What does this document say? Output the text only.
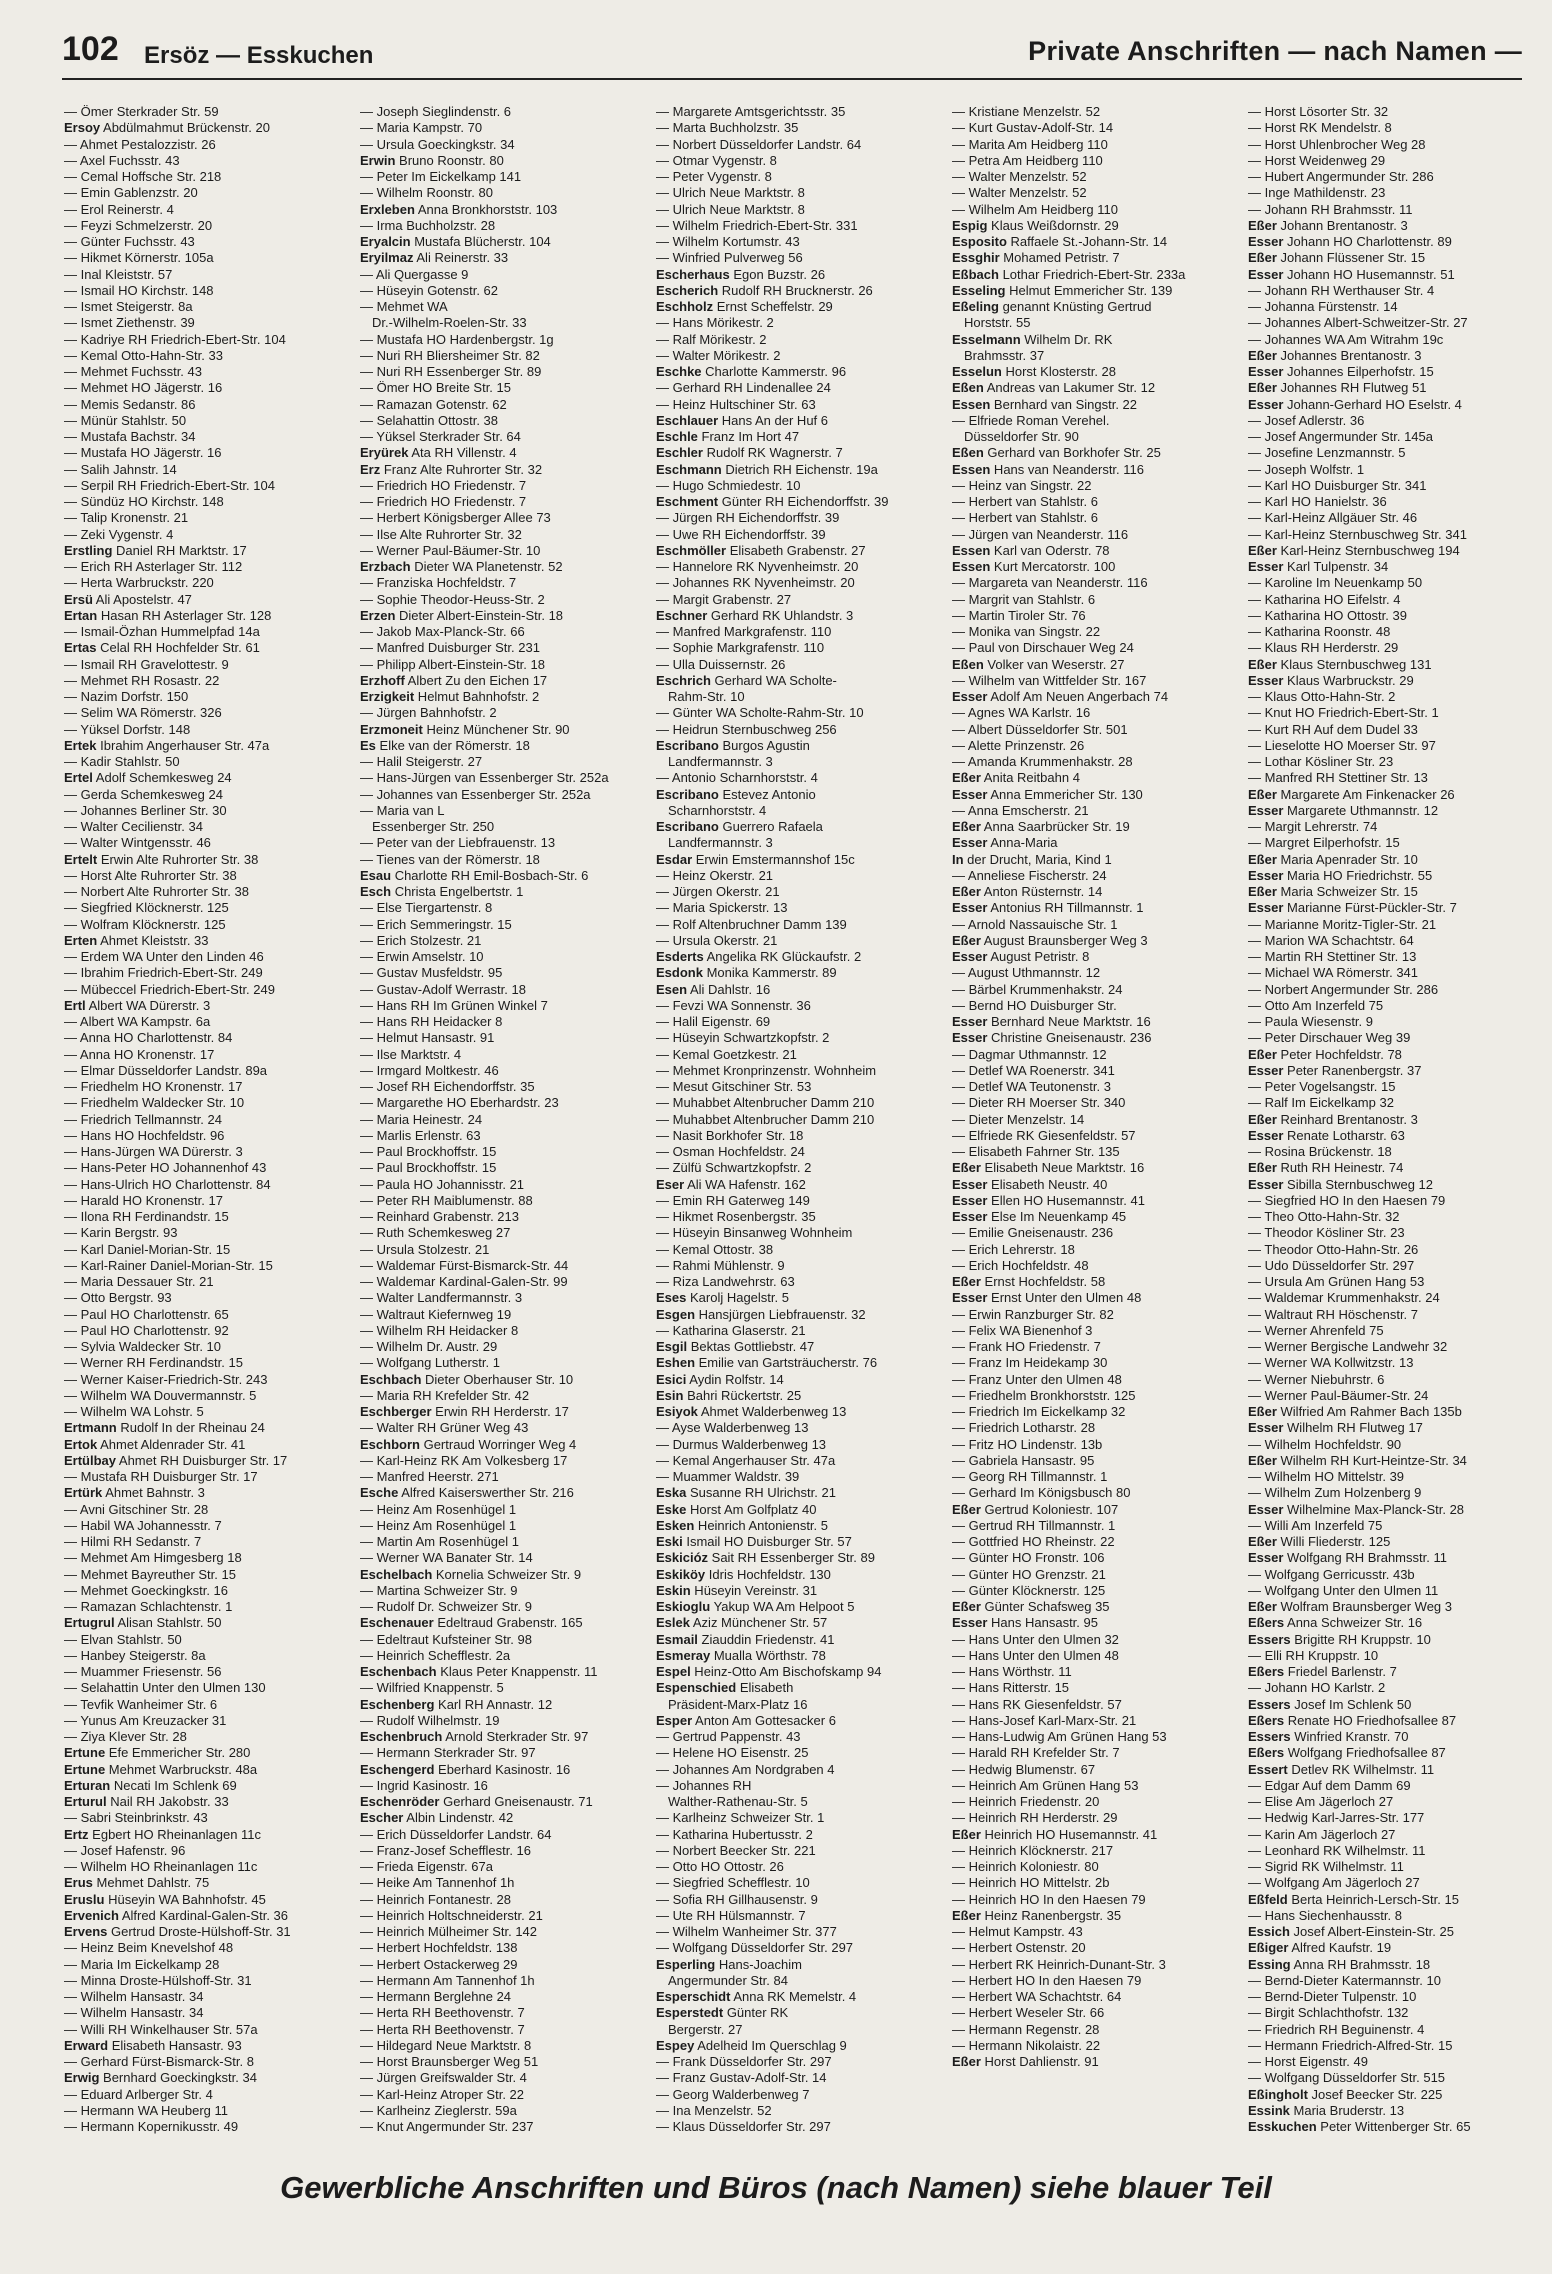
102 Ersöz — Esskuchen	Private Anschriften — nach Namen —
— Ömer Sterkrader Str. 59
Ersoy Abdülmahmut Brückenstr. 20
— Ahmet Pestalozzistr. 26
— Axel Fuchsstr. 43
— Cemal Hoffsche Str. 218
— Emin Gablenzstr. 20
— Erol Reinerstr. 4
— Feyzi Schmelzerstr. 20
— Günter Fuchsstr. 43
— Hikmet Körnerstr. 105a
— Inal Kleiststr. 57
— Ismail HO Kirchstr. 148
— Ismet Steigerstr. 8a
— Ismet Ziethenstr. 39
— Kadriye RH Friedrich-Ebert-Str. 104
— Kemal Otto-Hahn-Str. 33
— Mehmet Fuchsstr. 43
— Mehmet HO Jägerstr. 16
— Memis Sedanstr. 86
— Münür Stahlstr. 50
— Mustafa Bachstr. 34
— Mustafa HO Jägerstr. 16
— Salih Jahnstr. 14
— Serpil RH Friedrich-Ebert-Str. 104
— Sündüz HO Kirchstr. 148
— Talip Kronenstr. 21
— Zeki Vygenstr. 4
Erstling Daniel RH Marktstr. 17
— Erich RH Asterlager Str. 112
— Herta Warbruckstr. 220
Ersü Ali Apostelstr. 47
Ertan Hasan RH Asterlager Str. 128
— Ismail-Özhan Hummelpfad 14a
Ertas Celal RH Hochfelder Str. 61
— Ismail RH Gravelottestr. 9
— Mehmet RH Rosastr. 22
— Nazim Dorfstr. 150
— Selim WA Römerstr. 326
— Yüksel Dorfstr. 148
Ertek Ibrahim Angerhauser Str. 47a
— Kadir Stahlstr. 50
Ertel Adolf Schemkesweg 24
— Gerda Schemkesweg 24
— Johannes Berliner Str. 30
— Walter Cecilienstr. 34
— Walter Wintgensstr. 46
Ertelt Erwin Alte Ruhrorter Str. 38
— Horst Alte Ruhrorter Str. 38
— Norbert Alte Ruhrorter Str. 38
— Siegfried Klöcknerstr. 125
— Wolfram Klöcknerstr. 125
Erten Ahmet Kleiststr. 33
— Erdem WA Unter den Linden 46
— Ibrahim Friedrich-Ebert-Str. 249
— Mübeccel Friedrich-Ebert-Str. 249
Ertl Albert WA Dürerstr. 3
— Albert WA Kampstr. 6a
— Anna HO Charlottenstr. 84
— Anna HO Kronenstr. 17
— Elmar Düsseldorfer Landstr. 89a
— Friedhelm HO Kronenstr. 17
— Friedhelm Waldecker Str. 10
— Friedrich Tellmannstr. 24
— Hans HO Hochfeldstr. 96
— Hans-Jürgen WA Dürerstr. 3
— Hans-Peter HO Johannenhof 43
— Hans-Ulrich HO Charlottenstr. 84
— Harald HO Kronenstr. 17
— Ilona RH Ferdinandstr. 15
— Karin Bergstr. 93
— Karl Daniel-Morian-Str. 15
— Karl-Rainer Daniel-Morian-Str. 15
— Maria Dessauer Str. 21
— Otto Bergstr. 93
— Paul HO Charlottenstr. 65
— Paul HO Charlottenstr. 92
— Sylvia Waldecker Str. 10
— Werner RH Ferdinandstr. 15
— Werner Kaiser-Friedrich-Str. 243
— Wilhelm WA Douvermannstr. 5
— Wilhelm WA Lohstr. 5
Ertmann Rudolf In der Rheinau 24
Ertok Ahmet Aldenrader Str. 41
Ertülbay Ahmet RH Duisburger Str. 17
— Mustafa RH Duisburger Str. 17
Ertürk Ahmet Bahnstr. 3
— Avni Gitschiner Str. 28
— Habil WA Johannesstr. 7
— Hilmi RH Sedanstr. 7
— Mehmet Am Himgesberg 18
— Mehmet Bayreuther Str. 15
— Mehmet Goeckingkstr. 16
— Ramazan Schlachtenstr. 1
Ertugrul Alisan Stahlstr. 50
— Elvan Stahlstr. 50
— Hanbey Steigerstr. 8a
— Muammer Friesenstr. 56
— Selahattin Unter den Ulmen 130
— Tevfik Wanheimer Str. 6
— Yunus Am Kreuzacker 31
— Ziya Klever Str. 28
Ertune Efe Emmericher Str. 280
Ertune Mehmet Warbruckstr. 48a
Erturan Necati Im Schlenk 69
Erturul Nail RH Jakobstr. 33
— Sabri Steinbrinkstr. 43
Ertz Egbert HO Rheinanlagen 11c
— Josef Hafenstr. 96
— Wilhelm HO Rheinanlagen 11c
Erus Mehmet Dahlstr. 75
Eruslu Hüseyin WA Bahnhofstr. 45
Ervenich Alfred Kardinal-Galen-Str. 36
Ervens Gertrud Droste-Hülshoff-Str. 31
— Heinz Beim Knevelshof 48
— Maria Im Eickelkamp 28
— Minna Droste-Hülshoff-Str. 31
— Wilhelm Hansastr. 34
— Wilhelm Hansastr. 34
— Willi RH Winkelhauser Str. 57a
Erward Elisabeth Hansastr. 93
— Gerhard Fürst-Bismarck-Str. 8
Erwig Bernhard Goeckingkstr. 34
— Eduard Arlberger Str. 4
— Hermann WA Heuberg 11
— Hermann Kopernikusstr. 49
— Joseph Sieglindenstr. 6
— Maria Kampstr. 70
— Ursula Goeckingkstr. 34
Erwin Bruno Roonstr. 80
— Peter Im Eickelkamp 141
— Wilhelm Roonstr. 80
Erxleben Anna Bronkhorststr. 103
— Irma Buchholzstr. 28
Eryalcin Mustafa Blücherstr. 104
Eryilmaz Ali Reinerstr. 33
— Ali Quergasse 9
— Hüseyin Gotenstr. 62
— Mehmet WA
Dr.-Wilhelm-Roelen-Str. 33
— Mustafa HO Hardenbergstr. 1g
— Nuri RH Bliersheimer Str. 82
— Nuri RH Essenberger Str. 89
— Ömer HO Breite Str. 15
— Ramazan Gotenstr. 62
— Selahattin Ottostr. 38
— Yüksel Sterkrader Str. 64
Eryürek Ata RH Villenstr. 4
Erz Franz Alte Ruhrorter Str. 32
— Friedrich HO Friedenstr. 7
— Friedrich HO Friedenstr. 7
— Herbert Königsberger Allee 73
— Ilse Alte Ruhrorter Str. 32
— Werner Paul-Bäumer-Str. 10
Erzbach Dieter WA Planetenstr. 52
— Franziska Hochfeldstr. 7
— Sophie Theodor-Heuss-Str. 2
Erzen Dieter Albert-Einstein-Str. 18
— Jakob Max-Planck-Str. 66
— Manfred Duisburger Str. 231
— Philipp Albert-Einstein-Str. 18
Erzhoff Albert Zu den Eichen 17
Erzigkeit Helmut Bahnhofstr. 2
— Jürgen Bahnhofstr. 2
Erzmoneit Heinz Münchener Str. 90
Es Elke van der Römerstr. 18
— Halil Steigerstr. 27
— Hans-Jürgen van Essenberger Str. 252a
— Johannes van Essenberger Str. 252a
— Maria van L
Essenberger Str. 250
— Peter van der Liebfrauenstr. 13
— Tienes van der Römerstr. 18
Esau Charlotte RH Emil-Bosbach-Str. 6
Esch Christa Engelbertstr. 1
— Else Tiergartenstr. 8
— Erich Semmeringstr. 15
— Erich Stolzestr. 21
— Erwin Amselstr. 10
— Gustav Musfeldstr. 95
— Gustav-Adolf Werrastr. 18
— Hans RH Im Grünen Winkel 7
— Hans RH Heidacker 8
— Helmut Hansastr. 91
— Ilse Marktstr. 4
— Irmgard Moltkestr. 46
— Josef RH Eichendorffstr. 35
— Margarethe HO Eberhardstr. 23
— Maria Heinestr. 24
— Marlis Erlenstr. 63
— Paul Brockhoffstr. 15
— Paul Brockhoffstr. 15
— Paula HO Johannisstr. 21
— Peter RH Maiblumenstr. 88
— Reinhard Grabenstr. 213
— Ruth Schemkesweg 27
— Ursula Stolzestr. 21
— Waldemar Fürst-Bismarck-Str. 44
— Waldemar Kardinal-Galen-Str. 99
— Walter Landfermannstr. 3
— Waltraut Kiefernweg 19
— Wilhelm RH Heidacker 8
— Wilhelm Dr. Austr. 29
— Wolfgang Lutherstr. 1
Eschbach Dieter Oberhauser Str. 10
— Maria RH Krefelder Str. 42
Eschberger Erwin RH Herderstr. 17
— Walter RH Grüner Weg 43
Eschborn Gertraud Worringer Weg 4
— Karl-Heinz RK Am Volkesberg 17
— Manfred Heerstr. 271
Esche Alfred Kaiserswerther Str. 216
— Heinz Am Rosenhügel 1
— Heinz Am Rosenhügel 1
— Martin Am Rosenhügel 1
— Werner WA Banater Str. 14
Eschelbach Kornelia Schweizer Str. 9
— Martina Schweizer Str. 9
— Rudolf Dr. Schweizer Str. 9
Eschenauer Edeltraud Grabenstr. 165
— Edeltraut Kufsteiner Str. 98
— Heinrich Schefflestr. 2a
Eschenbach Klaus Peter Knappenstr. 11
— Wilfried Knappenstr. 5
Eschenberg Karl RH Annastr. 12
— Rudolf Wilhelmstr. 19
Eschenbruch Arnold Sterkrader Str. 97
— Hermann Sterkrader Str. 97
Eschengerd Eberhard Kasinostr. 16
— Ingrid Kasinostr. 16
Eschenröder Gerhard Gneisenaustr. 71
Escher Albin Lindenstr. 42
— Erich Düsseldorfer Landstr. 64
— Franz-Josef Schefflestr. 16
— Frieda Eigenstr. 67a
— Heike Am Tannenhof 1h
— Heinrich Fontanestr. 28
— Heinrich Holtschneiderstr. 21
— Heinrich Mülheimer Str. 142
— Herbert Hochfeldstr. 138
— Herbert Ostackerweg 29
— Hermann Am Tannenhof 1h
— Hermann Berglehne 24
— Herta RH Beethovenstr. 7
— Herta RH Beethovenstr. 7
— Hildegard Neue Marktstr. 8
— Horst Braunsberger Weg 51
— Jürgen Greifswalder Str. 4
— Karl-Heinz Atroper Str. 22
— Karlheinz Zieglerstr. 59a
— Knut Angermunder Str. 237
— Margarete Amtsgerichtsstr. 35
— Marta Buchholzstr. 35
— Norbert Düsseldorfer Landstr. 64
— Otmar Vygenstr. 8
— Peter Vygenstr. 8
— Ulrich Neue Marktstr. 8
— Ulrich Neue Marktstr. 8
— Wilhelm Friedrich-Ebert-Str. 331
— Wilhelm Kortumstr. 43
— Winfried Pulverweg 56
Escherhaus Egon Buzstr. 26
Escherich Rudolf RH Brucknerstr. 26
Eschholz Ernst Scheffelstr. 29
— Hans Mörikestr. 2
— Ralf Mörikestr. 2
— Walter Mörikestr. 2
Eschke Charlotte Kammerstr. 96
— Gerhard RH Lindenallee 24
— Heinz Hultschiner Str. 63
Eschlauer Hans An der Huf 6
Eschle Franz Im Hort 47
Eschler Rudolf RK Wagnerstr. 7
Eschmann Dietrich RH Eichenstr. 19a
— Hugo Schmiedestr. 10
Eschment Günter RH Eichendorffstr. 39
— Jürgen RH Eichendorffstr. 39
— Uwe RH Eichendorffstr. 39
Eschmöller Elisabeth Grabenstr. 27
— Hannelore RK Nyvenheimstr. 20
— Johannes RK Nyvenheimstr. 20
— Margit Grabenstr. 27
Eschner Gerhard RK Uhlandstr. 3
— Manfred Markgrafenstr. 110
— Sophie Markgrafenstr. 110
— Ulla Duissernstr. 26
Eschrich Gerhard WA Scholte-
Rahm-Str. 10
— Günter WA Scholte-Rahm-Str. 10
— Heidrun Sternbuschweg 256
Escribano Burgos Agustin
Landfermannstr. 3
— Antonio Scharnhorststr. 4
Escribano Estevez Antonio
Scharnhorststr. 4
Escribano Guerrero Rafaela
Landfermannstr. 3
Esdar Erwin Emstermannshof 15c
— Heinz Okerstr. 21
— Jürgen Okerstr. 21
— Maria Spickerstr. 13
— Rolf Altenbruchner Damm 139
— Ursula Okerstr. 21
Esderts Angelika RK Glückaufstr. 2
Esdonk Monika Kammerstr. 89
Esen Ali Dahlstr. 16
— Fevzi WA Sonnenstr. 36
— Halil Eigenstr. 69
— Hüseyin Schwartzkopfstr. 2
— Kemal Goetzkestr. 21
— Mehmet Kronprinzenstr. Wohnheim
— Mesut Gitschiner Str. 53
— Muhabbet Altenbrucher Damm 210
— Muhabbet Altenbrucher Damm 210
— Nasit Borkhofer Str. 18
— Osman Hochfeldstr. 24
— Zülfü Schwartzkopfstr. 2
Eser Ali WA Hafenstr. 162
— Emin RH Gaterweg 149
— Hikmet Rosenbergstr. 35
— Hüseyin Binsanweg Wohnheim
— Kemal Ottostr. 38
— Rahmi Mühlenstr. 9
— Riza Landwehrstr. 63
Eses Karolj Hagelstr. 5
Esgen Hansjürgen Liebfrauenstr. 32
— Katharina Glaserstr. 21
Esgil Bektas Gottliebstr. 47
Eshen Emilie van Gartsträucherstr. 76
Esici Aydin Rolfstr. 14
Esin Bahri Rückertstr. 25
Esiyok Ahmet Walderbenweg 13
— Ayse Walderbenweg 13
— Durmus Walderbenweg 13
— Kemal Angerhauser Str. 47a
— Muammer Waldstr. 39
Eska Susanne RH Ulrichstr. 21
Eske Horst Am Golfplatz 40
Esken Heinrich Antonienstr. 5
Eski Ismail HO Duisburger Str. 57
Eskicióz Sait RH Essenberger Str. 89
Eskiköy Idris Hochfeldstr. 130
Eskin Hüseyin Vereinstr. 31
Eskioglu Yakup WA Am Helpoot 5
Eslek Aziz Münchener Str. 57
Esmail Ziauddin Friedenstr. 41
Esmeray Mualla Wörthstr. 78
Espel Heinz-Otto Am Bischofskamp 94
Espenschied Elisabeth
Präsident-Marx-Platz 16
Esper Anton Am Gottesacker 6
— Gertrud Pappenstr. 43
— Helene HO Eisenstr. 25
— Johannes Am Nordgraben 4
— Johannes RH
Walther-Rathenau-Str. 5
— Karlheinz Schweizer Str. 1
— Katharina Hubertusstr. 2
— Norbert Beecker Str. 221
— Otto HO Ottostr. 26
— Siegfried Schefflestr. 10
— Sofia RH Gillhausenstr. 9
— Ute RH Hülsmannstr. 7
— Wilhelm Wanheimer Str. 377
— Wolfgang Düsseldorfer Str. 297
Esperling Hans-Joachim
Angermunder Str. 84
Esperschidt Anna RK Memelstr. 4
Esperstedt Günter RK
Bergerstr. 27
Espey Adelheid Im Querschlag 9
— Frank Düsseldorfer Str. 297
— Franz Gustav-Adolf-Str. 14
— Georg Walderbenweg 7
— Ina Menzelstr. 52
— Klaus Düsseldorfer Str. 297
— Kristiane Menzelstr. 52
— Kurt Gustav-Adolf-Str. 14
— Marita Am Heidberg 110
— Petra Am Heidberg 110
— Walter Menzelstr. 52
— Walter Menzelstr. 52
— Wilhelm Am Heidberg 110
Espig Klaus Weißdornstr. 29
Esposito Raffaele St.-Johann-Str. 14
Essghir Mohamed Petristr. 7
Eßbach Lothar Friedrich-Ebert-Str. 233a
Esseling Helmut Emmericher Str. 139
Eßeling genannt Knüsting Gertrud
Horststr. 55
Esselmann Wilhelm Dr. RK
Brahmsstr. 37
Esselun Horst Klosterstr. 28
Eßen Andreas van Lakumer Str. 12
Essen Bernhard van Singstr. 22
— Elfriede Roman Verehel.
Düsseldorfer Str. 90
Eßen Gerhard van Borkhofer Str. 25
Essen Hans van Neanderstr. 116
— Heinz van Singstr. 22
— Herbert van Stahlstr. 6
— Herbert van Stahlstr. 6
— Jürgen van Neanderstr. 116
Essen Karl van Oderstr. 78
Essen Kurt Mercatorstr. 100
— Margareta van Neanderstr. 116
— Margrit van Stahlstr. 6
— Martin Tiroler Str. 76
— Monika van Singstr. 22
— Paul von Dirschauer Weg 24
Eßen Volker van Weserstr. 27
— Wilhelm van Wittfelder Str. 167
Esser Adolf Am Neuen Angerbach 74
— Agnes WA Karlstr. 16
— Albert Düsseldorfer Str. 501
— Alette Prinzenstr. 26
— Amanda Krummenhakstr. 28
Eßer Anita Reitbahn 4
Esser Anna Emmericher Str. 130
— Anna Emscherstr. 21
Eßer Anna Saarbrücker Str. 19
Esser Anna-Maria
In der Drucht, Maria, Kind 1
— Anneliese Fischerstr. 24
Eßer Anton Rüsternstr. 14
Esser Antonius RH Tillmannstr. 1
— Arnold Nassauische Str. 1
Eßer August Braunsberger Weg 3
Esser August Petristr. 8
— August Uthmannstr. 12
— Bärbel Krummenhakstr. 24
— Bernd HO Duisburger Str.
Esser Bernhard Neue Marktstr. 16
Esser Christine Gneisenaustr. 236
— Dagmar Uthmannstr. 12
— Detlef WA Roenerstr. 341
— Detlef WA Teutonenstr. 3
— Dieter RH Moerser Str. 340
— Dieter Menzelstr. 14
— Elfriede RK Giesenfeldstr. 57
— Elisabeth Fahrner Str. 135
Eßer Elisabeth Neue Marktstr. 16
Esser Elisabeth Neustr. 40
Esser Ellen HO Husemannstr. 41
Esser Else Im Neuenkamp 45
— Emilie Gneisenaustr. 236
— Erich Lehrerstr. 18
— Erich Hochfeldstr. 48
Eßer Ernst Hochfeldstr. 58
Esser Ernst Unter den Ulmen 48
— Erwin Ranzburger Str. 82
— Felix WA Bienenhof 3
— Frank HO Friedenstr. 7
— Franz Im Heidekamp 30
— Franz Unter den Ulmen 48
— Friedhelm Bronkhorststr. 125
— Friedrich Im Eickelkamp 32
— Friedrich Lotharstr. 28
— Fritz HO Lindenstr. 13b
— Gabriela Hansastr. 95
— Georg RH Tillmannstr. 1
— Gerhard Im Königsbusch 80
Eßer Gertrud Koloniestr. 107
— Gertrud RH Tillmannstr. 1
— Gottfried HO Rheinstr. 22
— Günter HO Fronstr. 106
— Günter HO Grenzstr. 21
— Günter Klöcknerstr. 125
Eßer Günter Schafsweg 35
Esser Hans Hansastr. 95
— Hans Unter den Ulmen 32
— Hans Unter den Ulmen 48
— Hans Wörthstr. 11
— Hans Ritterstr. 15
— Hans RK Giesenfeldstr. 57
— Hans-Josef Karl-Marx-Str. 21
— Hans-Ludwig Am Grünen Hang 53
— Harald RH Krefelder Str. 7
— Hedwig Blumenstr. 67
— Heinrich Am Grünen Hang 53
— Heinrich Friedenstr. 20
— Heinrich RH Herderstr. 29
Eßer Heinrich HO Husemannstr. 41
— Heinrich Klöcknerstr. 217
— Heinrich Koloniestr. 80
— Heinrich HO Mittelstr. 2b
— Heinrich HO In den Haesen 79
Eßer Heinz Ranenbergstr. 35
— Helmut Kampstr. 43
— Herbert Ostenstr. 20
— Herbert RK Heinrich-Dunant-Str. 3
— Herbert HO In den Haesen 79
— Herbert WA Schachtstr. 64
— Herbert Weseler Str. 66
— Hermann Regenstr. 28
— Hermann Nikolaistr. 22
Eßer Horst Dahlienstr. 91
— Horst Lösorter Str. 32
— Horst RK Mendelstr. 8
— Horst Uhlenbrocher Weg 28
— Horst Weidenweg 29
— Hubert Angermunder Str. 286
— Inge Mathildenstr. 23
— Johann RH Brahmsstr. 11
Eßer Johann Brentanostr. 3
Esser Johann HO Charlottenstr. 89
Eßer Johann Flüssener Str. 15
Esser Johann HO Husemannstr. 51
— Johann RH Werthauser Str. 4
— Johanna Fürstenstr. 14
— Johannes Albert-Schweitzer-Str. 27
— Johannes WA Am Witrahm 19c
Eßer Johannes Brentanostr. 3
Esser Johannes Eilperhofstr. 15
Eßer Johannes RH Flutweg 51
Esser Johann-Gerhard HO Eselstr. 4
— Josef Adlerstr. 36
— Josef Angermunder Str. 145a
— Josefine Lenzmannstr. 5
— Joseph Wolfstr. 1
— Karl HO Duisburger Str. 341
— Karl HO Hanielstr. 36
— Karl-Heinz Allgäuer Str. 46
— Karl-Heinz Sternbuschweg Str. 341
Eßer Karl-Heinz Sternbuschweg 194
Esser Karl Tulpenstr. 34
— Karoline Im Neuenkamp 50
— Katharina HO Eifelstr. 4
— Katharina HO Ottostr. 39
— Katharina Roonstr. 48
— Klaus RH Herderstr. 29
Eßer Klaus Sternbuschweg 131
Esser Klaus Warbruckstr. 29
— Klaus Otto-Hahn-Str. 2
— Knut HO Friedrich-Ebert-Str. 1
— Kurt RH Auf dem Dudel 33
— Lieselotte HO Moerser Str. 97
— Lothar Kösliner Str. 23
— Manfred RH Stettiner Str. 13
Eßer Margarete Am Finkenacker 26
Esser Margarete Uthmannstr. 12
— Margit Lehrerstr. 74
— Margret Eilperhofstr. 15
Eßer Maria Apenrader Str. 10
Esser Maria HO Friedrichstr. 55
Eßer Maria Schweizer Str. 15
Esser Marianne Fürst-Pückler-Str. 7
— Marianne Moritz-Tigler-Str. 21
— Marion WA Schachtstr. 64
— Martin RH Stettiner Str. 13
— Michael WA Römerstr. 341
— Norbert Angermunder Str. 286
— Otto Am Inzerfeld 75
— Paula Wiesenstr. 9
— Peter Dirschauer Weg 39
Eßer Peter Hochfeldstr. 78
Esser Peter Ranenbergstr. 37
— Peter Vogelsangstr. 15
— Ralf Im Eickelkamp 32
Eßer Reinhard Brentanostr. 3
Esser Renate Lotharstr. 63
— Rosina Brückenstr. 18
Eßer Ruth RH Heinestr. 74
Esser Sibilla Sternbuschweg 12
— Siegfried HO In den Haesen 79
— Theo Otto-Hahn-Str. 32
— Theodor Kösliner Str. 23
— Theodor Otto-Hahn-Str. 26
— Udo Düsseldorfer Str. 297
— Ursula Am Grünen Hang 53
— Waldemar Krummenhakstr. 24
— Waltraut RH Höschenstr. 7
— Werner Ahrenfeld 75
— Werner Bergische Landwehr 32
— Werner WA Kollwitzstr. 13
— Werner Niebuhrstr. 6
— Werner Paul-Bäumer-Str. 24
Eßer Wilfried Am Rahmer Bach 135b
Esser Wilhelm RH Flutweg 17
— Wilhelm Hochfeldstr. 90
Eßer Wilhelm RH Kurt-Heintze-Str. 34
— Wilhelm HO Mittelstr. 39
— Wilhelm Zum Holzenberg 9
Esser Wilhelmine Max-Planck-Str. 28
— Willi Am Inzerfeld 75
Eßer Willi Fliederstr. 125
Esser Wolfgang RH Brahmsstr. 11
— Wolfgang Gerricusstr. 43b
— Wolfgang Unter den Ulmen 11
Eßer Wolfram Braunsberger Weg 3
Eßers Anna Schweizer Str. 16
Essers Brigitte RH Kruppstr. 10
— Elli RH Kruppstr. 10
Eßers Friedel Barlenstr. 7
— Johann HO Karlstr. 2
Essers Josef Im Schlenk 50
Eßers Renate HO Friedhofsallee 87
Essers Winfried Kranstr. 70
Eßers Wolfgang Friedhofsallee 87
Essert Detlev RK Wilhelmstr. 11
— Edgar Auf dem Damm 69
— Elise Am Jägerloch 27
— Hedwig Karl-Jarres-Str. 177
— Karin Am Jägerloch 27
— Leonhard RK Wilhelmstr. 11
— Sigrid RK Wilhelmstr. 11
— Wolfgang Am Jägerloch 27
Eßfeld Berta Heinrich-Lersch-Str. 15
— Hans Siechenhausstr. 8
Essich Josef Albert-Einstein-Str. 25
Eßiger Alfred Kaufstr. 19
Essing Anna RH Brahmsstr. 18
— Bernd-Dieter Katermannstr. 10
— Bernd-Dieter Tulpenstr. 10
— Birgit Schlachthofstr. 132
— Friedrich RH Beguinenstr. 4
— Hermann Friedrich-Alfred-Str. 15
— Horst Eigenstr. 49
— Wolfgang Düsseldorfer Str. 515
Eßingholt Josef Beecker Str. 225
Essink Maria Bruderstr. 13
Esskuchen Peter Wittenberger Str. 65
Gewerbliche Anschriften und Büros (nach Namen) siehe blauer Teil
